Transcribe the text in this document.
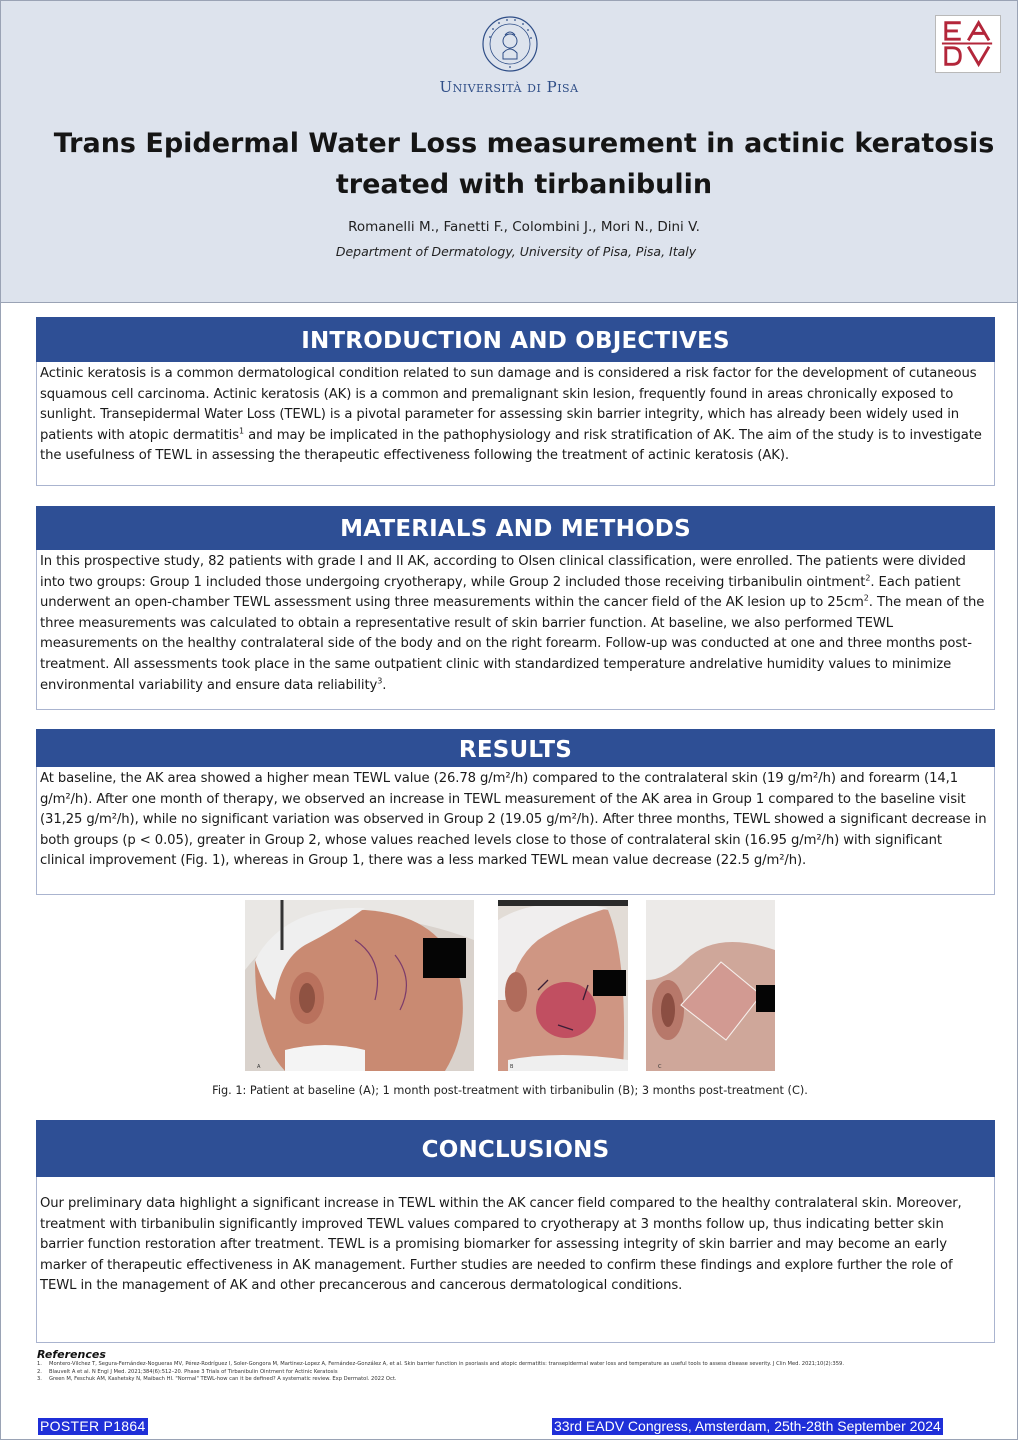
Università di Pisa
Trans Epidermal Water Loss measurement in actinic keratosis
treated with tirbanibulin
Romanelli M., Fanetti F., Colombini J., Mori N., Dini V.
Department of Dermatology, University of Pisa, Pisa, Italy
INTRODUCTION AND OBJECTIVES

Actinic keratosis is a common dermatological condition related to sun damage and is considered a risk factor for the development of cutaneous squamous cell carcinoma. Actinic keratosis (AK) is a common and premalignant skin lesion, frequently found in areas chronically exposed to sunlight. Transepidermal Water Loss (TEWL) is a pivotal parameter for assessing skin barrier integrity, which has already been widely used in patients with atopic dermatitis$^1$ and may be implicated in the pathophysiology and risk stratification of AK. The aim of the study is to investigate the usefulness of TEWL in assessing the therapeutic effectiveness following the treatment of actinic keratosis (AK).

MATERIALS AND METHODS

In this prospective study, 82 patients with grade I and II AK, according to Olsen clinical classification, were enrolled. The patients were divided into two groups: Group 1 included those undergoing cryotherapy, while Group 2 included those receiving tirbanibulin ointment$^2$. Each patient underwent an open-chamber TEWL assessment using three measurements within the cancer field of the AK lesion up to $25cm^2$. The mean of the three measurements was calculated to obtain a representative result of skin barrier function. At baseline, we also performed TEWL measurements on the healthy contralateral side of the body and on the right forearm. Follow-up was conducted at one and three months post-treatment. All assessments took place in the same outpatient clinic with standardized temperature andrelative humidity values to minimize environmental variability and ensure data reliability$^3$.

RESULTS

At baseline, the AK area showed a higher mean TEWL value (26.78 g/m²/h) compared to the contralateral skin (19 g/m²/h) and forearm (14,1 g/m²/h). After one month of therapy, we observed an increase in TEWL measurement of the AK area in Group 1 compared to the baseline visit (31,25 g/m²/h), while no significant variation was observed in Group 2 (19.05 g/m²/h). After three months, TEWL showed a significant decrease in both groups (p < 0.05), greater in Group 2, whose values reached levels close to those of contralateral skin (16.95 g/m²/h) with significant clinical improvement (Fig. 1), whereas in Group 1, there was a less marked TEWL mean value decrease (22.5 g/m²/h).

A	B	C
Fig. 1: Patient at baseline (A); 1 month post-treatment with tirbanibulin (B); 3 months post-treatment (C).
CONCLUSIONS

Our preliminary data highlight a significant increase in TEWL within the AK cancer field compared to the healthy contralateral skin. Moreover, treatment with tirbanibulin significantly improved TEWL values compared to cryotherapy at 3 months follow up, thus indicating better skin barrier function restoration after treatment. TEWL is a promising biomarker for assessing integrity of skin barrier and may become an early marker of therapeutic effectiveness in AK management. Further studies are needed to confirm these findings and explore further the role of TEWL in the management of AK and other precancerous and cancerous dermatological conditions.

References
1. Montero-Vilchez T, Segura-Fernández-Nogueras MV, Pérez-Rodríguez I, Soler-Gongora M, Martinez-Lopez A, Fernández-González A, et al. Skin barrier function in psoriasis and atopic dermatitis: transepidermal water loss and temperature as useful tools to assess disease severity. J Clin Med. 2021;10(2):359.
2. Blauvelt A et al. N Engl J Med. 2021;384(6):512–20. Phase 3 Trials of Tirbanibulin Ointment for Actinic Keratosis
3. Green M, Feschuk AM, Kashetsky N, Maibach HI. "Normal" TEWL-how can it be defined? A systematic review. Exp Dermatol. 2022 Oct.
POSTER P1864	33rd EADV Congress, Amsterdam, 25th-28th September 2024
